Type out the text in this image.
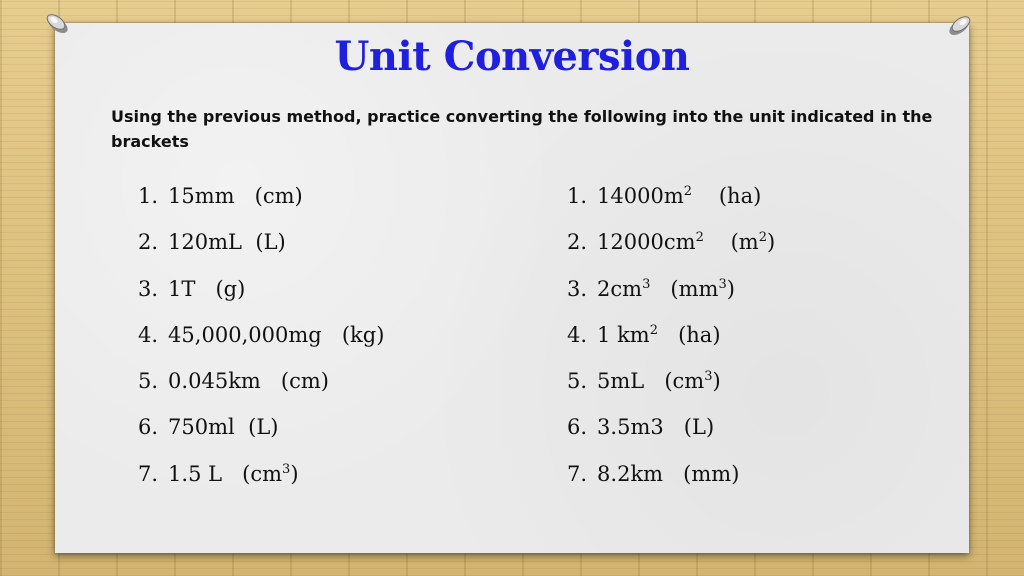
Unit Conversion
Using the previous method, practice converting the following into the unit indicated in the brackets
1. 15mm (cm)
2. 120mL (L)
3. 1T (g)
4. 45,000,000mg (kg)
5. 0.045km (cm)
6. 750ml (L)
7. 1.5 L $(cm^3)$
1. $14000m^2$ (ha)
2. $12000cm^2$ $(m^2)$
3. $2cm^3$ $(mm^3)$
4. 1 $km^2$ (ha)
5. 5mL $(cm^3)$
6. 3.5m3 (L)
7. 8.2km (mm)
